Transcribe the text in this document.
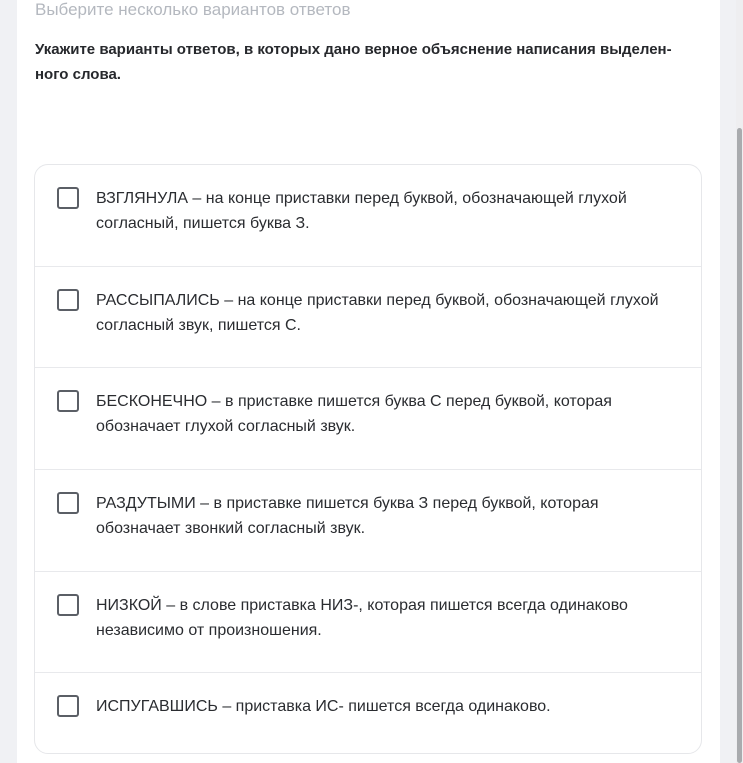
Выберите несколько вариантов ответов
Укажите варианты ответов, в которых дано верное объяснение написания выделен-
ного слова.
ВЗГЛЯНУЛА – на конце приставки перед буквой, обозначающей глухой
согласный, пишется буква З.
РАССЫПАЛИСЬ – на конце приставки перед буквой, обозначающей глухой
согласный звук, пишется С.
БЕСКОНЕЧНО – в приставке пишется буква С перед буквой, которая
обозначает глухой согласный звук.
РАЗДУТЫМИ – в приставке пишется буква З перед буквой, которая
обозначает звонкий согласный звук.
НИЗКОЙ – в слове приставка НИЗ-, которая пишется всегда одинаково
независимо от произношения.
ИСПУГАВШИСЬ – приставка ИС- пишется всегда одинаково.
